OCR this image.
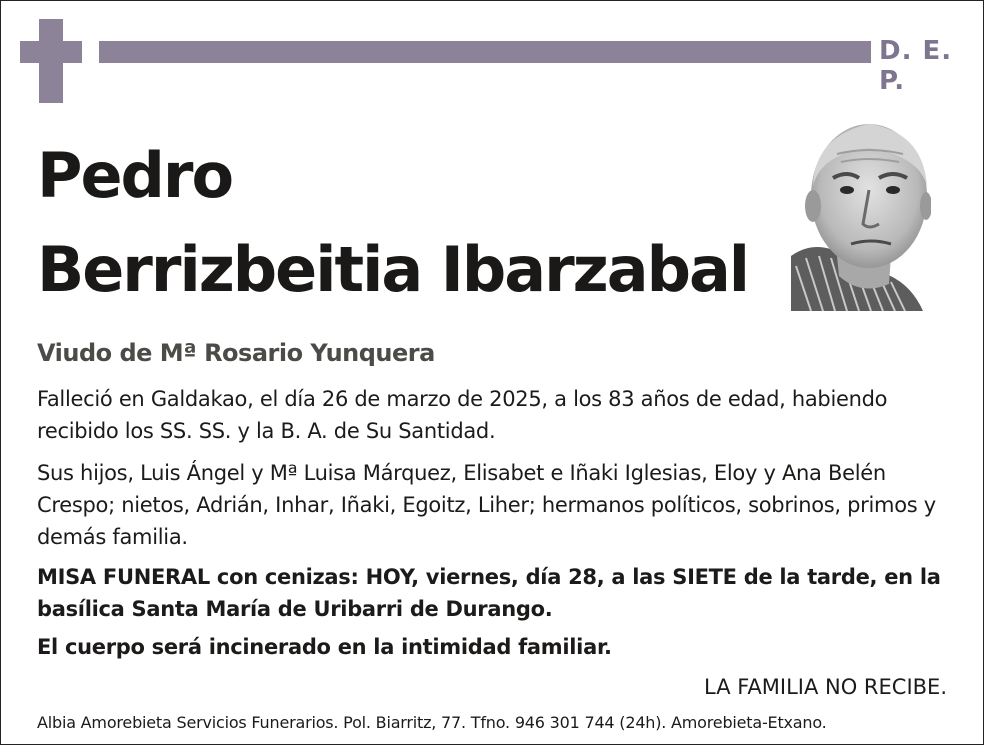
D. E. P.
Pedro
Berrizbeitia Ibarzabal
Viudo de Mª Rosario Yunquera
Falleció en Galdakao, el día 26 de marzo de 2025, a los 83 años de edad, habiendo recibido los SS. SS. y la B. A. de Su Santidad.
Sus hijos, Luis Ángel y Mª Luisa Márquez, Elisabet e Iñaki Iglesias, Eloy y Ana Belén Crespo; nietos, Adrián, Inhar, Iñaki, Egoitz, Liher; hermanos políticos, sobrinos, primos y demás familia.
MISA FUNERAL con cenizas: HOY, viernes, día 28, a las SIETE de la tarde, en la basílica Santa María de Uribarri de Durango.
El cuerpo será incinerado en la intimidad familiar.
LA FAMILIA NO RECIBE.
Albia Amorebieta Servicios Funerarios. Pol. Biarritz, 77. Tfno. 946 301 744 (24h). Amorebieta-Etxano.
